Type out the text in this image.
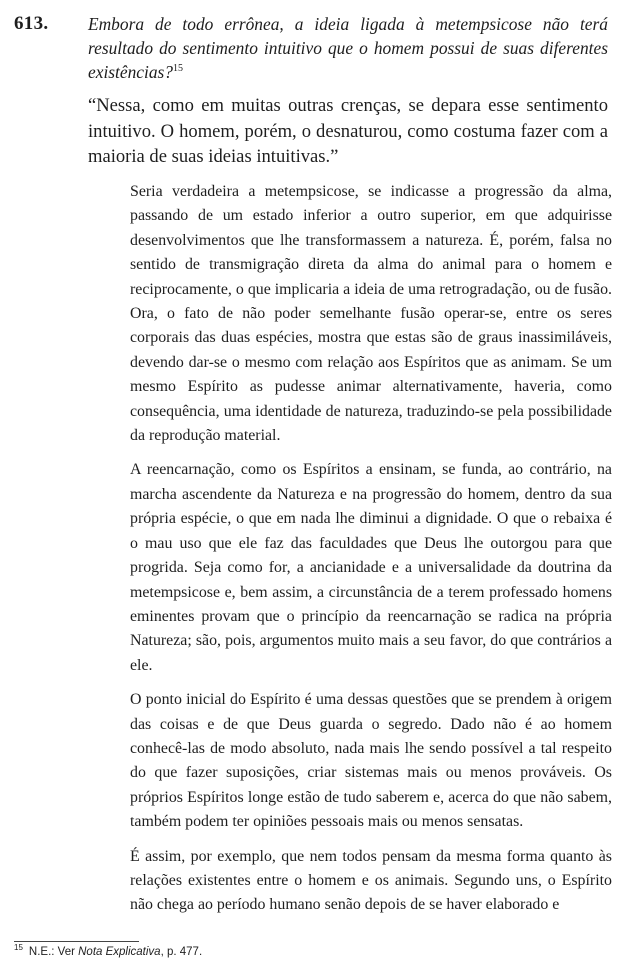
613. Embora de todo errônea, a ideia ligada à metempsicose não terá resultado do sentimento intuitivo que o homem possui de suas diferentes existências?$^{15}$
“Nessa, como em muitas outras crenças, se depara esse sentimento intuitivo. O homem, porém, o desnaturou, como costuma fazer com a maioria de suas ideias intuitivas.”

Seria verdadeira a metempsicose, se indicasse a progressão da alma, passando de um estado inferior a outro superior, em que adquirisse desenvolvimentos que lhe transformassem a natureza. É, porém, falsa no sentido de transmigração direta da alma do animal para o homem e reciprocamente, o que implicaria a ideia de uma retrogradação, ou de fusão. Ora, o fato de não poder semelhante fusão operar-se, entre os seres corporais das duas espécies, mostra que estas são de graus inassimiláveis, devendo dar-se o mesmo com relação aos Espíritos que as animam. Se um mesmo Espírito as pudesse animar alternativamente, haveria, como consequência, uma identidade de natureza, traduzindo-se pela possibilidade da reprodução material.

A reencarnação, como os Espíritos a ensinam, se funda, ao contrário, na marcha ascendente da Natureza e na progressão do homem, dentro da sua própria espécie, o que em nada lhe diminui a dignidade. O que o rebaixa é o mau uso que ele faz das faculdades que Deus lhe outorgou para que progrida. Seja como for, a ancianidade e a universalidade da doutrina da metempsicose e, bem assim, a circunstância de a terem professado homens eminentes provam que o princípio da reencarnação se radica na própria Natureza; são, pois, argumentos muito mais a seu favor, do que contrários a ele.

O ponto inicial do Espírito é uma dessas questões que se prendem à origem das coisas e de que Deus guarda o segredo. Dado não é ao homem conhecê-las de modo absoluto, nada mais lhe sendo possível a tal respeito do que fazer suposições, criar sistemas mais ou menos prováveis. Os próprios Espíritos longe estão de tudo saberem e, acerca do que não sabem, também podem ter opiniões pessoais mais ou menos sensatas.

É assim, por exemplo, que nem todos pensam da mesma forma quanto às relações existentes entre o homem e os animais. Segundo uns, o Espírito não chega ao período humano senão depois de se haver elaborado e

$^{15}$ N.E.: Ver Nota Explicativa, p. 477.
